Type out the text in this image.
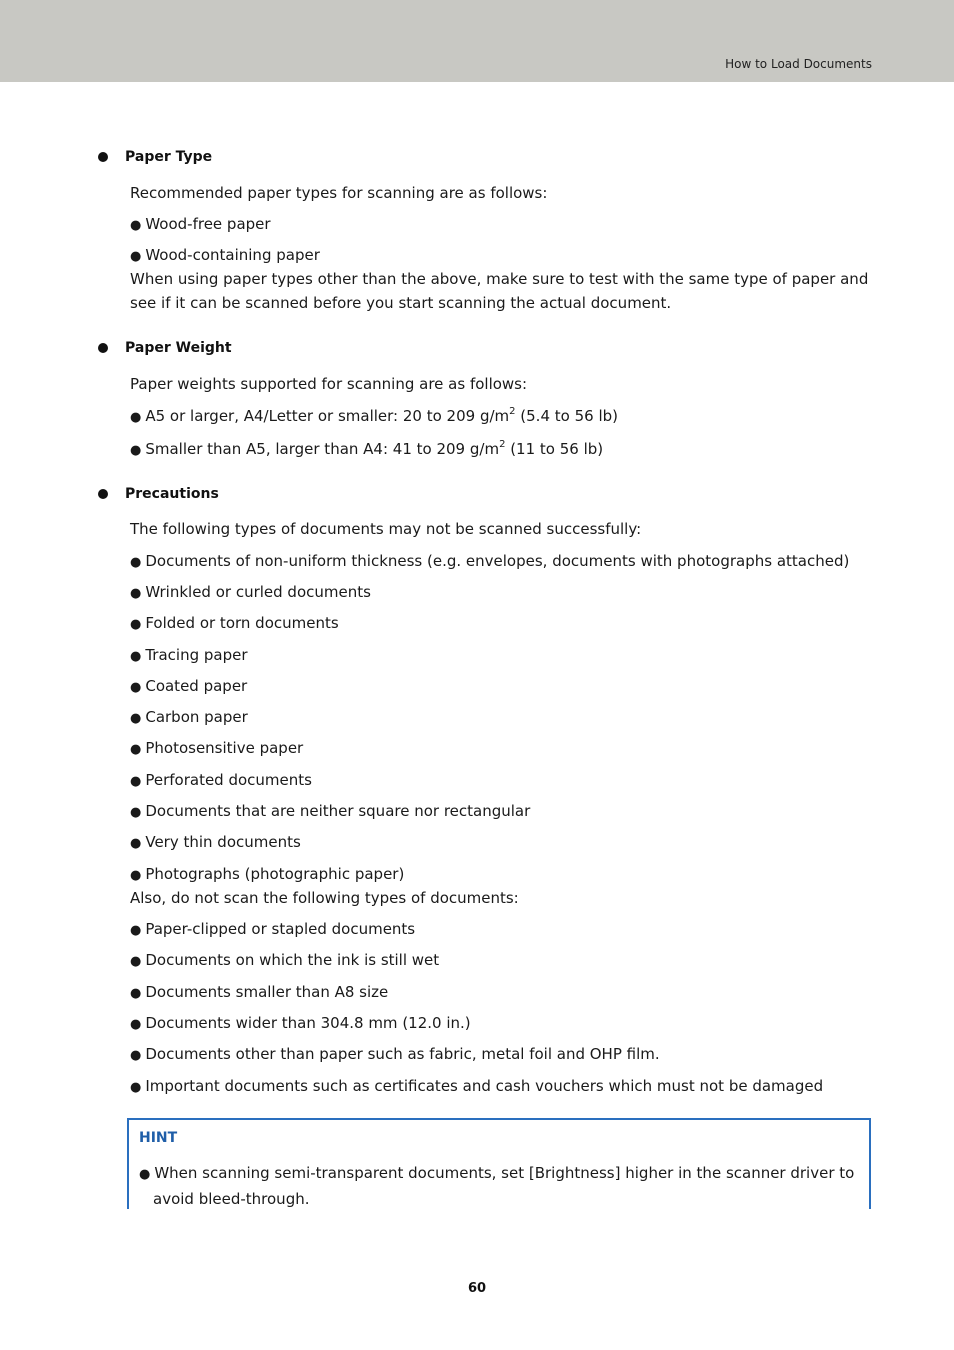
How to Load Documents
Paper Type
Recommended paper types for scanning are as follows:
● Wood-free paper
● Wood-containing paper
When using paper types other than the above, make sure to test with the same type of paper and see if it can be scanned before you start scanning the actual document.
Paper Weight
Paper weights supported for scanning are as follows:
● A5 or larger, A4/Letter or smaller: 20 to 209 $g/m^2$ (5.4 to 56 lb)
● Smaller than A5, larger than A4: 41 to 209 $g/m^2$ (11 to 56 lb)
Precautions
The following types of documents may not be scanned successfully:
● Documents of non-uniform thickness (e.g. envelopes, documents with photographs attached)
● Wrinkled or curled documents
● Folded or torn documents
● Tracing paper
● Coated paper
● Carbon paper
● Photosensitive paper
● Perforated documents
● Documents that are neither square nor rectangular
● Very thin documents
● Photographs (photographic paper)
Also, do not scan the following types of documents:
● Paper-clipped or stapled documents
● Documents on which the ink is still wet
● Documents smaller than A8 size
● Documents wider than 304.8 mm (12.0 in.)
● Documents other than paper such as fabric, metal foil and OHP film.
● Important documents such as certificates and cash vouchers which must not be damaged
HINT
● When scanning semi-transparent documents, set [Brightness] higher in the scanner driver to avoid bleed-through.
60
